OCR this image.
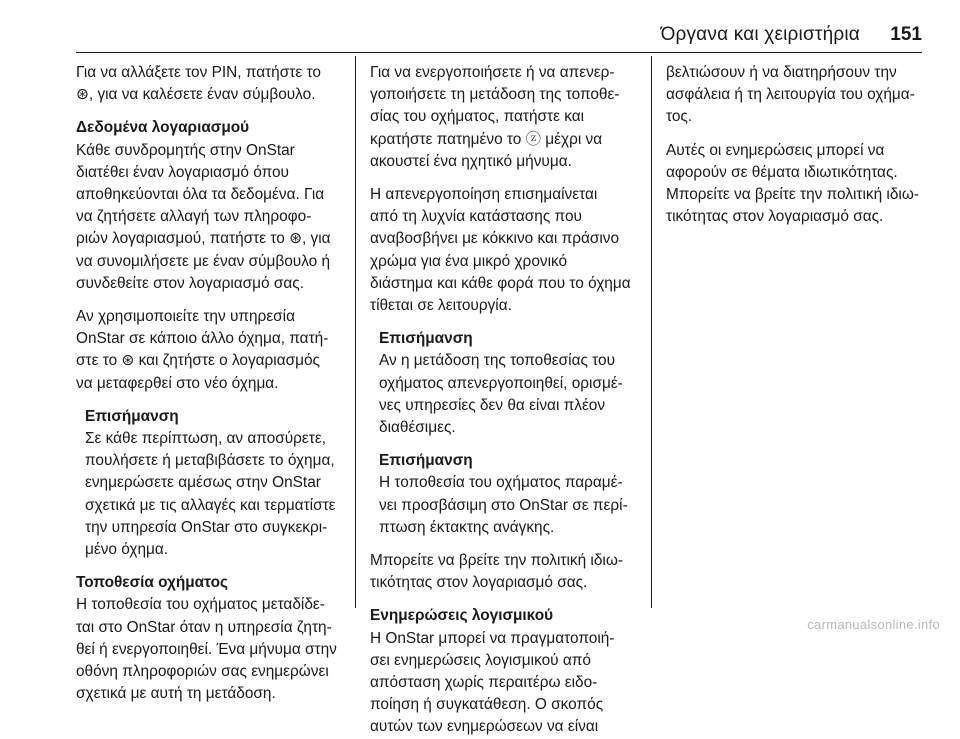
Όργανα και χειριστήρια 151
Για να αλλάξετε τον PIN, πατήστε το
⊛, για να καλέσετε έναν σύμβουλο.
Δεδομένα λογαριασμού
Κάθε συνδρομητής στην OnStar
διατέθει έναν λογαριασμό όπου
αποθηκεύονται όλα τα δεδομένα. Για
να ζητήσετε αλλαγή των πληροφο-
ριών λογαριασμού, πατήστε το ⊛, για
να συνομιλήσετε με έναν σύμβουλο ή
συνδεθείτε στον λογαριασμό σας.
Αν χρησιμοποιείτε την υπηρεσία
OnStar σε κάποιο άλλο όχημα, πατή-
στε το ⊛ και ζητήστε ο λογαριασμός
να μεταφερθεί στο νέο όχημα.
Επισήμανση
Σε κάθε περίπτωση, αν αποσύρετε,
πουλήσετε ή μεταβιβάσετε το όχημα,
ενημερώσετε αμέσως στην OnStar
σχετικά με τις αλλαγές και τερματίστε
την υπηρεσία OnStar στο συγκεκρι-
μένο όχημα.
Τοποθεσία οχήματος
Η τοποθεσία του οχήματος μεταδίδε-
ται στο OnStar όταν η υπηρεσία ζητη-
θεί ή ενεργοποιηθεί. Ένα μήνυμα στην
οθόνη πληροφοριών σας ενημερώνει
σχετικά με αυτή τη μετάδοση.
Για να ενεργοποιήσετε ή να απενερ-
γοποιήσετε τη μετάδοση της τοποθε-
σίας του οχήματος, πατήστε και
κρατήστε πατημένο το ⓩ μέχρι να
ακουστεί ένα ηχητικό μήνυμα.
Η απενεργοποίηση επισημαίνεται
από τη λυχνία κατάστασης που
αναβοσβήνει με κόκκινο και πράσινο
χρώμα για ένα μικρό χρονικό
διάστημα και κάθε φορά που το όχημα
τίθεται σε λειτουργία.
Επισήμανση
Αν η μετάδοση της τοποθεσίας του
οχήματος απενεργοποιηθεί, ορισμέ-
νες υπηρεσίες δεν θα είναι πλέον
διαθέσιμες.
Επισήμανση
Η τοποθεσία του οχήματος παραμέ-
νει προσβάσιμη στο OnStar σε περί-
πτωση έκτακτης ανάγκης.
Μπορείτε να βρείτε την πολιτική ιδιω-
τικότητας στον λογαριασμό σας.
Ενημερώσεις λογισμικού
Η OnStar μπορεί να πραγματοποιή-
σει ενημερώσεις λογισμικού από
απόσταση χωρίς περαιτέρω ειδο-
ποίηση ή συγκατάθεση. Ο σκοπός
αυτών των ενημερώσεων να είναι
βελτιώσουν ή να διατηρήσουν την
ασφάλεια ή τη λειτουργία του οχήμα-
τος.
Αυτές οι ενημερώσεις μπορεί να
αφορούν σε θέματα ιδιωτικότητας.
Μπορείτε να βρείτε την πολιτική ιδιω-
τικότητας στον λογαριασμό σας.
carmanualsonline.info
